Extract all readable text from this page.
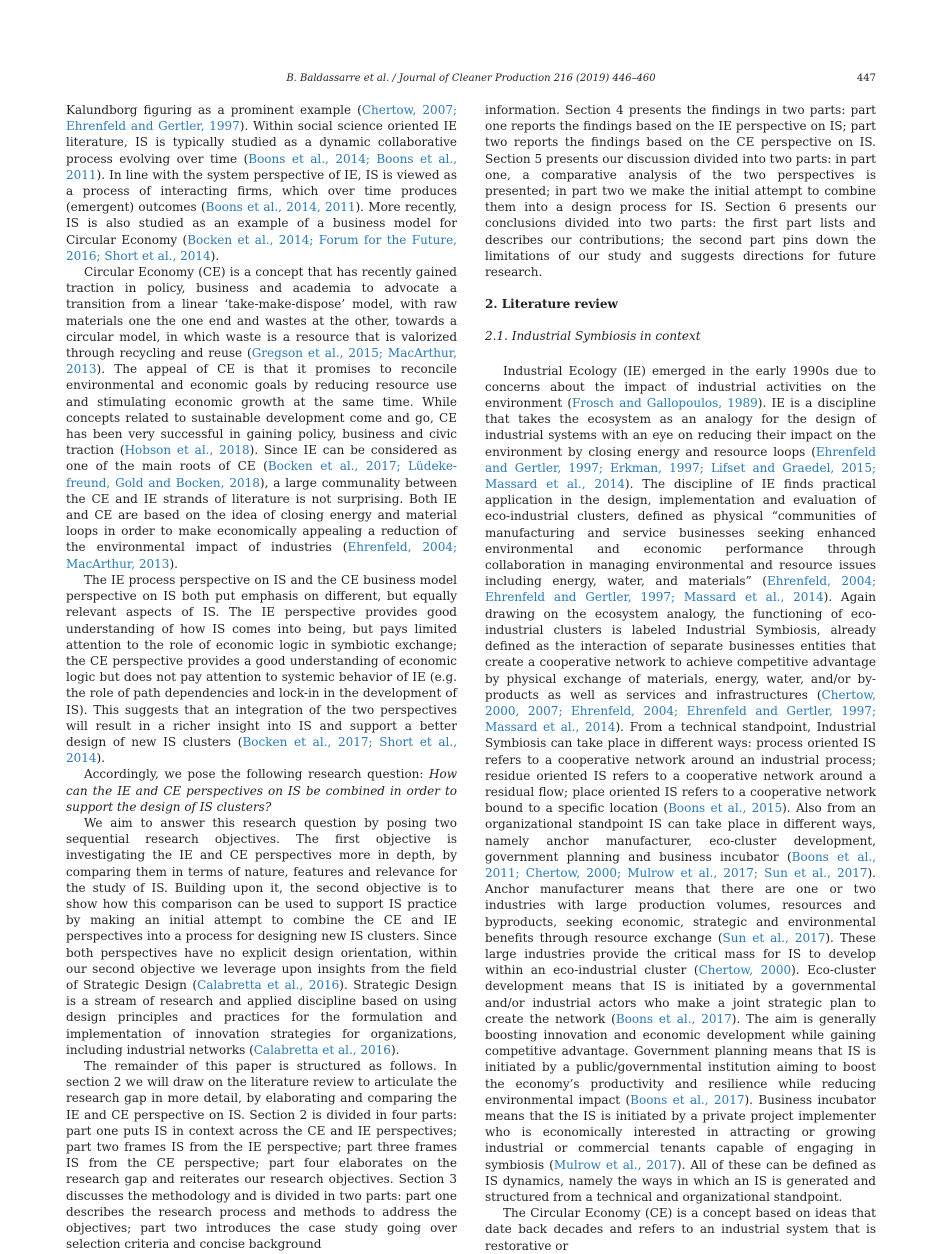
B. Baldassarre et al. / Journal of Cleaner Production 216 (2019) 446–460	447

Kalundborg figuring as a prominent example (Chertow, 2007; Ehrenfeld and Gertler, 1997). Within social science oriented IE literature, IS is typically studied as a dynamic collaborative process evolving over time (Boons et al., 2014; Boons et al., 2011). In line with the system perspective of IE, IS is viewed as a process of interacting firms, which over time produces (emergent) outcomes (Boons et al., 2014, 2011). More recently, IS is also studied as an example of a business model for Circular Economy (Bocken et al., 2014; Forum for the Future, 2016; Short et al., 2014).

Circular Economy (CE) is a concept that has recently gained traction in policy, business and academia to advocate a transition from a linear ‘take-make-dispose’ model, with raw materials one the one end and wastes at the other, towards a circular model, in which waste is a resource that is valorized through recycling and reuse (Gregson et al., 2015; MacArthur, 2013). The appeal of CE is that it promises to reconcile environmental and economic goals by reducing resource use and stimulating economic growth at the same time. While concepts related to sustainable development come and go, CE has been very successful in gaining policy, business and civic traction (Hobson et al., 2018). Since IE can be considered as one of the main roots of CE (Bocken et al., 2017; Lüdeke-freund, Gold and Bocken, 2018), a large communality between the CE and IE strands of literature is not surprising. Both IE and CE are based on the idea of closing energy and material loops in order to make economically appealing a reduction of the environmental impact of industries (Ehrenfeld, 2004; MacArthur, 2013).

The IE process perspective on IS and the CE business model perspective on IS both put emphasis on different, but equally relevant aspects of IS. The IE perspective provides good understanding of how IS comes into being, but pays limited attention to the role of economic logic in symbiotic exchange; the CE perspective provides a good understanding of economic logic but does not pay attention to systemic behavior of IE (e.g. the role of path dependencies and lock-in in the development of IS). This suggests that an integration of the two perspectives will result in a richer insight into IS and support a better design of new IS clusters (Bocken et al., 2017; Short et al., 2014).

Accordingly, we pose the following research question: How can the IE and CE perspectives on IS be combined in order to support the design of IS clusters?

We aim to answer this research question by posing two sequential research objectives. The first objective is investigating the IE and CE perspectives more in depth, by comparing them in terms of nature, features and relevance for the study of IS. Building upon it, the second objective is to show how this comparison can be used to support IS practice by making an initial attempt to combine the CE and IE perspectives into a process for designing new IS clusters. Since both perspectives have no explicit design orientation, within our second objective we leverage upon insights from the field of Strategic Design (Calabretta et al., 2016). Strategic Design is a stream of research and applied discipline based on using design principles and practices for the formulation and implementation of innovation strategies for organizations, including industrial networks (Calabretta et al., 2016).

The remainder of this paper is structured as follows. In section 2 we will draw on the literature review to articulate the research gap in more detail, by elaborating and comparing the IE and CE perspective on IS. Section 2 is divided in four parts: part one puts IS in context across the CE and IE perspectives; part two frames IS from the IE perspective; part three frames IS from the CE perspective; part four elaborates on the research gap and reiterates our research objectives. Section 3 discusses the methodology and is divided in two parts: part one describes the research process and methods to address the objectives; part two introduces the case study going over selection criteria and concise background

information. Section 4 presents the findings in two parts: part one reports the findings based on the IE perspective on IS; part two reports the findings based on the CE perspective on IS. Section 5 presents our discussion divided into two parts: in part one, a comparative analysis of the two perspectives is presented; in part two we make the initial attempt to combine them into a design process for IS. Section 6 presents our conclusions divided into two parts: the first part lists and describes our contributions; the second part pins down the limitations of our study and suggests directions for future research.

2. Literature review
2.1. Industrial Symbiosis in context

Industrial Ecology (IE) emerged in the early 1990s due to concerns about the impact of industrial activities on the environment (Frosch and Gallopoulos, 1989). IE is a discipline that takes the ecosystem as an analogy for the design of industrial systems with an eye on reducing their impact on the environment by closing energy and resource loops (Ehrenfeld and Gertler, 1997; Erkman, 1997; Lifset and Graedel, 2015; Massard et al., 2014). The discipline of IE finds practical application in the design, implementation and evaluation of eco-industrial clusters, defined as physical “communities of manufacturing and service businesses seeking enhanced environmental and economic performance through collaboration in managing environmental and resource issues including energy, water, and materials” (Ehrenfeld, 2004; Ehrenfeld and Gertler, 1997; Massard et al., 2014). Again drawing on the ecosystem analogy, the functioning of eco-industrial clusters is labeled Industrial Symbiosis, already defined as the interaction of separate businesses entities that create a cooperative network to achieve competitive advantage by physical exchange of materials, energy, water, and/or by-products as well as services and infrastructures (Chertow, 2000, 2007; Ehrenfeld, 2004; Ehrenfeld and Gertler, 1997; Massard et al., 2014). From a technical standpoint, Industrial Symbiosis can take place in different ways: process oriented IS refers to a cooperative network around an industrial process; residue oriented IS refers to a cooperative network around a residual flow; place oriented IS refers to a cooperative network bound to a specific location (Boons et al., 2015). Also from an organizational standpoint IS can take place in different ways, namely anchor manufacturer, eco-cluster development, government planning and business incubator (Boons et al., 2011; Chertow, 2000; Mulrow et al., 2017; Sun et al., 2017). Anchor manufacturer means that there are one or two industries with large production volumes, resources and byproducts, seeking economic, strategic and environmental benefits through resource exchange (Sun et al., 2017). These large industries provide the critical mass for IS to develop within an eco-industrial cluster (Chertow, 2000). Eco-cluster development means that IS is initiated by a governmental and/or industrial actors who make a joint strategic plan to create the network (Boons et al., 2017). The aim is generally boosting innovation and economic development while gaining competitive advantage. Government planning means that IS is initiated by a public/governmental institution aiming to boost the economy’s productivity and resilience while reducing environmental impact (Boons et al., 2017). Business incubator means that the IS is initiated by a private project implementer who is economically interested in attracting or growing industrial or commercial tenants capable of engaging in symbiosis (Mulrow et al., 2017). All of these can be defined as IS dynamics, namely the ways in which an IS is generated and structured from a technical and organizational standpoint.

The Circular Economy (CE) is a concept based on ideas that date back decades and refers to an industrial system that is restorative or
